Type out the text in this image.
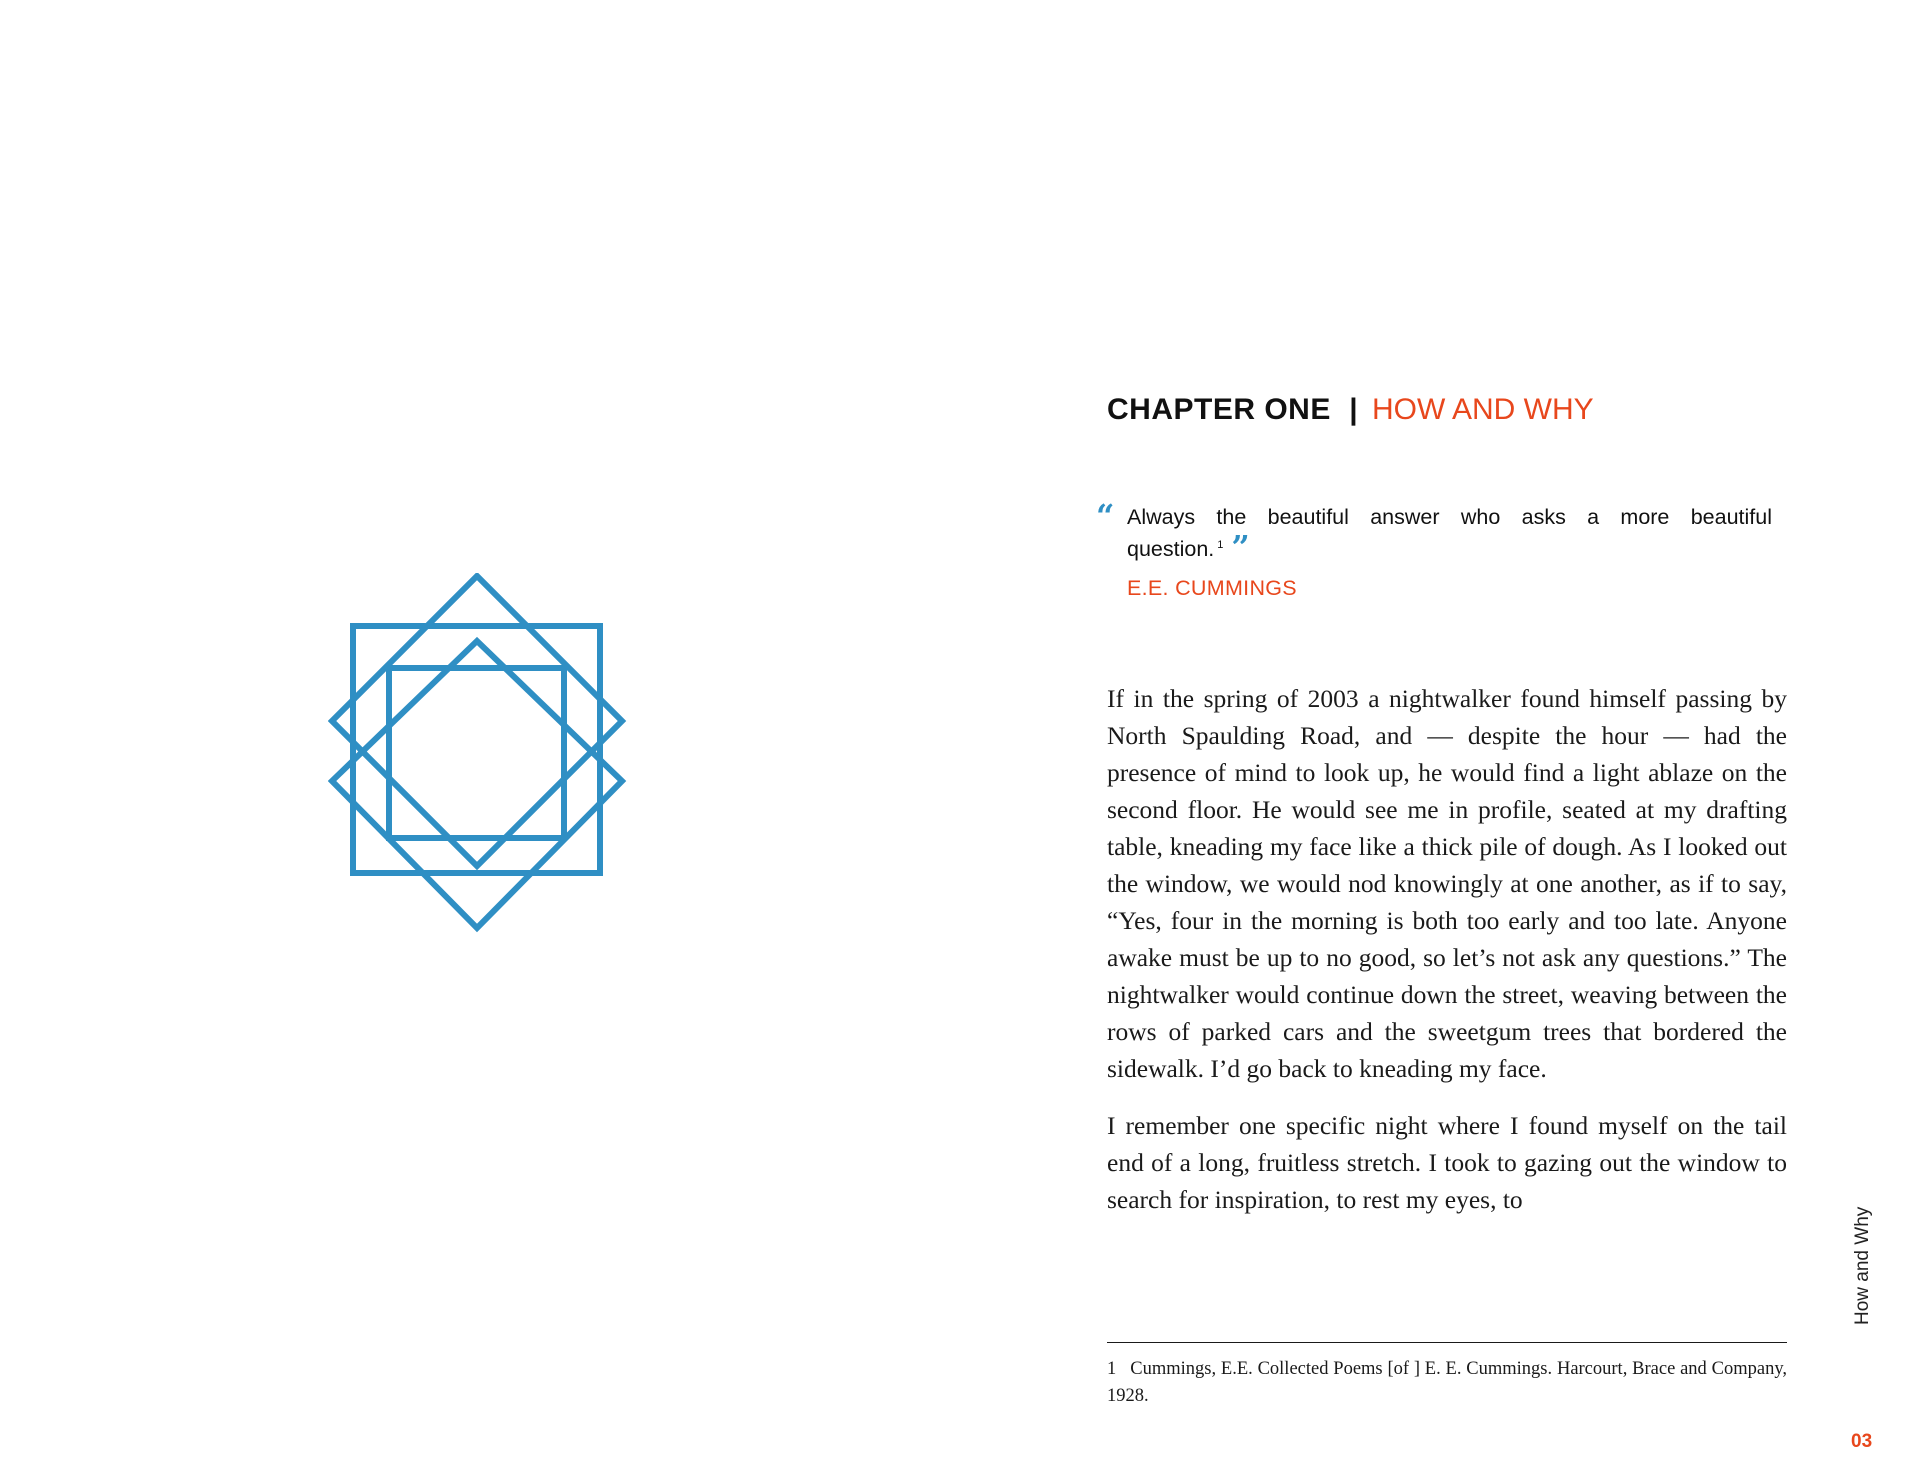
CHAPTER ONE | HOW AND WHY
“ Always the beautiful answer who asks a more beautiful question. $^1$ ”
E.E. CUMMINGS

If in the spring of 2003 a nightwalker found himself passing by North Spaulding Road, and — despite the hour — had the presence of mind to look up, he would find a light ablaze on the second floor. He would see me in profile, seated at my drafting table, kneading my face like a thick pile of dough. As I looked out the window, we would nod knowingly at one another, as if to say, “Yes, four in the morning is both too early and too late. Anyone awake must be up to no good, so let’s not ask any questions.” The nightwalker would continue down the street, weaving between the rows of parked cars and the sweetgum trees that bordered the sidewalk. I’d go back to kneading my face.

I remember one specific night where I found myself on the tail end of a long, fruitless stretch. I took to gazing out the window to search for inspiration, to rest my eyes, to

1 Cummings, E.E. Collected Poems [of ] E. E. Cummings. Harcourt, Brace and Company, 1928.
How and Why
03
